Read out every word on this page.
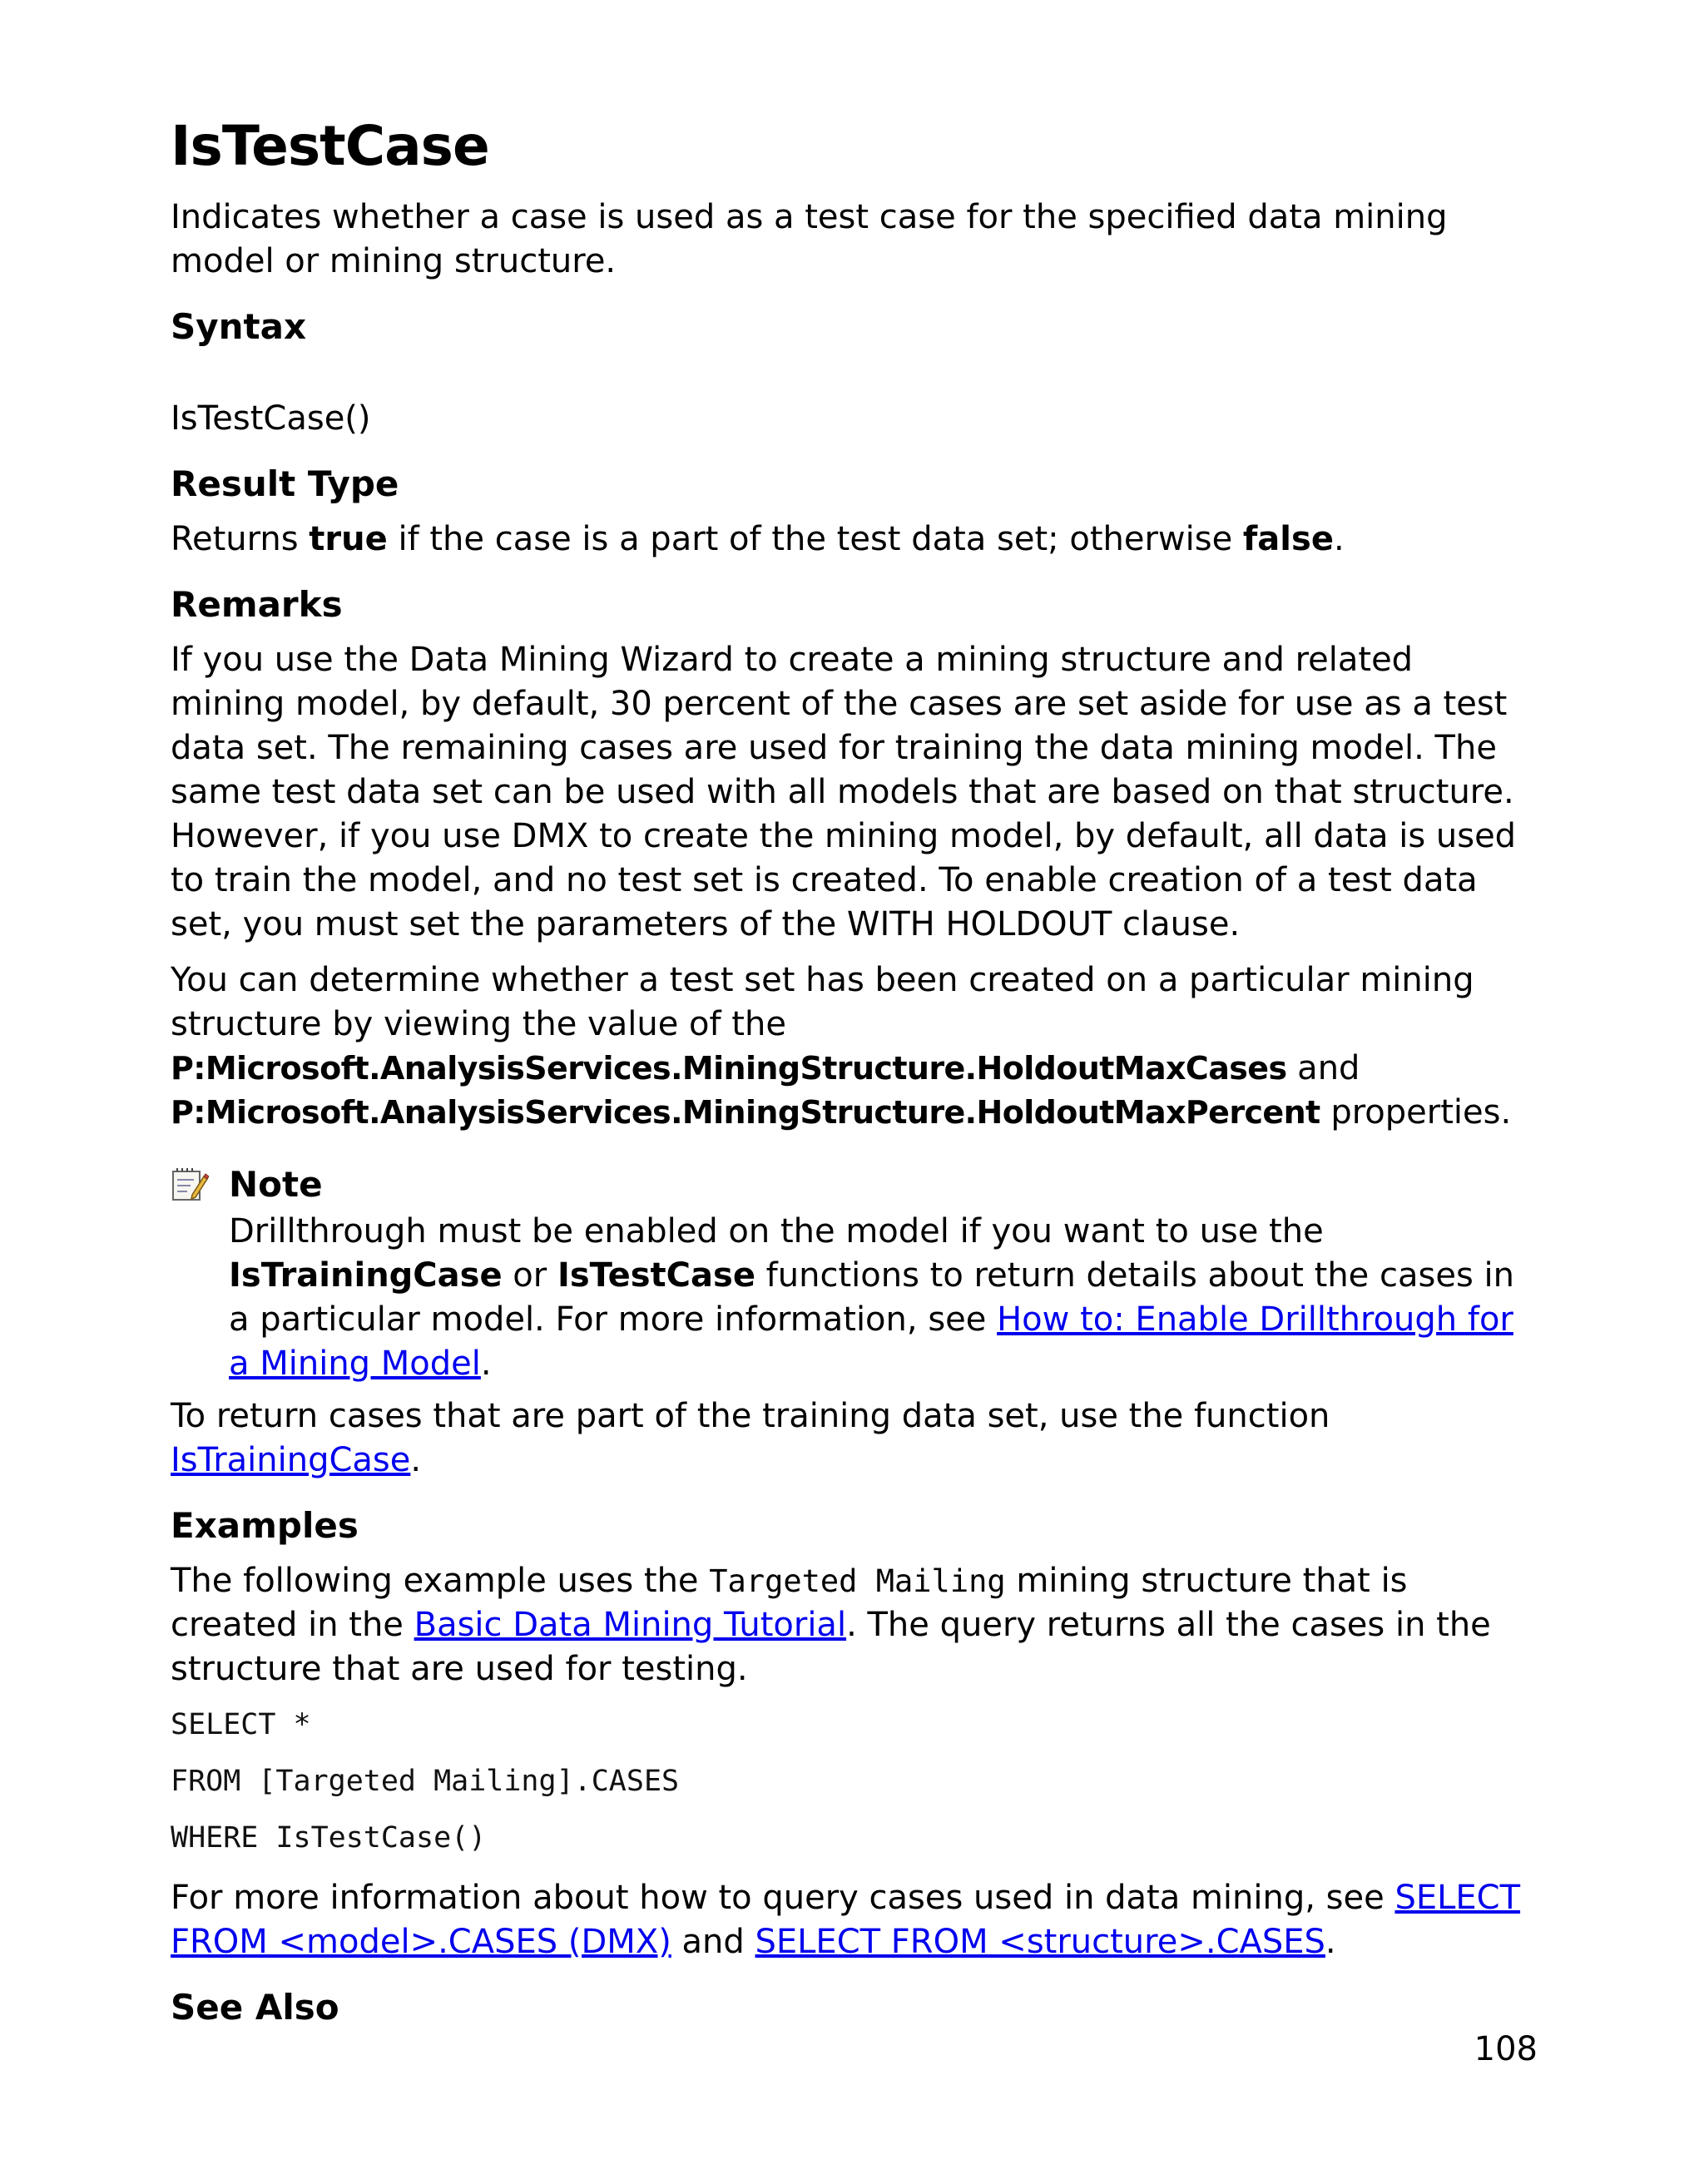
IsTestCase

Indicates whether a case is used as a test case for the specified data mining model or mining structure.

Syntax

IsTestCase()

Result Type

Returns true if the case is a part of the test data set; otherwise false.

Remarks

If you use the Data Mining Wizard to create a mining structure and related mining model, by default, 30 percent of the cases are set aside for use as a test data set. The remaining cases are used for training the data mining model. The same test data set can be used with all models that are based on that structure. However, if you use DMX to create the mining model, by default, all data is used to train the model, and no test set is created. To enable creation of a test data set, you must set the parameters of the WITH HOLDOUT clause.

You can determine whether a test set has been created on a particular mining structure by viewing the value of the
P:Microsoft.AnalysisServices.MiningStructure.HoldoutMaxCases and
P:Microsoft.AnalysisServices.MiningStructure.HoldoutMaxPercent properties.

Note

Drillthrough must be enabled on the model if you want to use the IsTrainingCase or IsTestCase functions to return details about the cases in a particular model. For more information, see How to: Enable Drillthrough for a Mining Model.

To return cases that are part of the training data set, use the function IsTrainingCase.

Examples

The following example uses the Targeted Mailing mining structure that is created in the Basic Data Mining Tutorial. The query returns all the cases in the structure that are used for testing.

SELECT *
FROM [Targeted Mailing].CASES
WHERE IsTestCase()

For more information about how to query cases used in data mining, see SELECT FROM <model>.CASES (DMX) and SELECT FROM <structure>.CASES.

See Also
108
